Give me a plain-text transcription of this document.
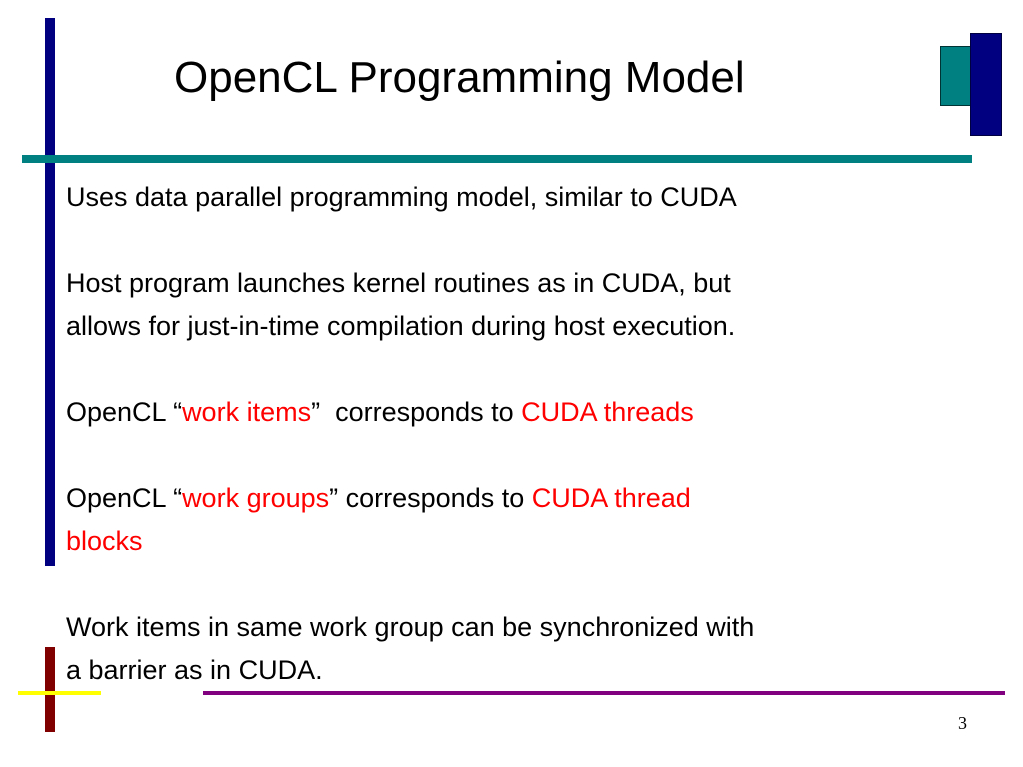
OpenCL Programming Model

Uses data parallel programming model, similar to CUDA

Host program launches kernel routines as in CUDA, but
allows for just-in-time compilation during host execution.

OpenCL “work items”  corresponds to CUDA threads

OpenCL “work groups” corresponds to CUDA thread
blocks

Work items in same work group can be synchronized with
a barrier as in CUDA.

3
